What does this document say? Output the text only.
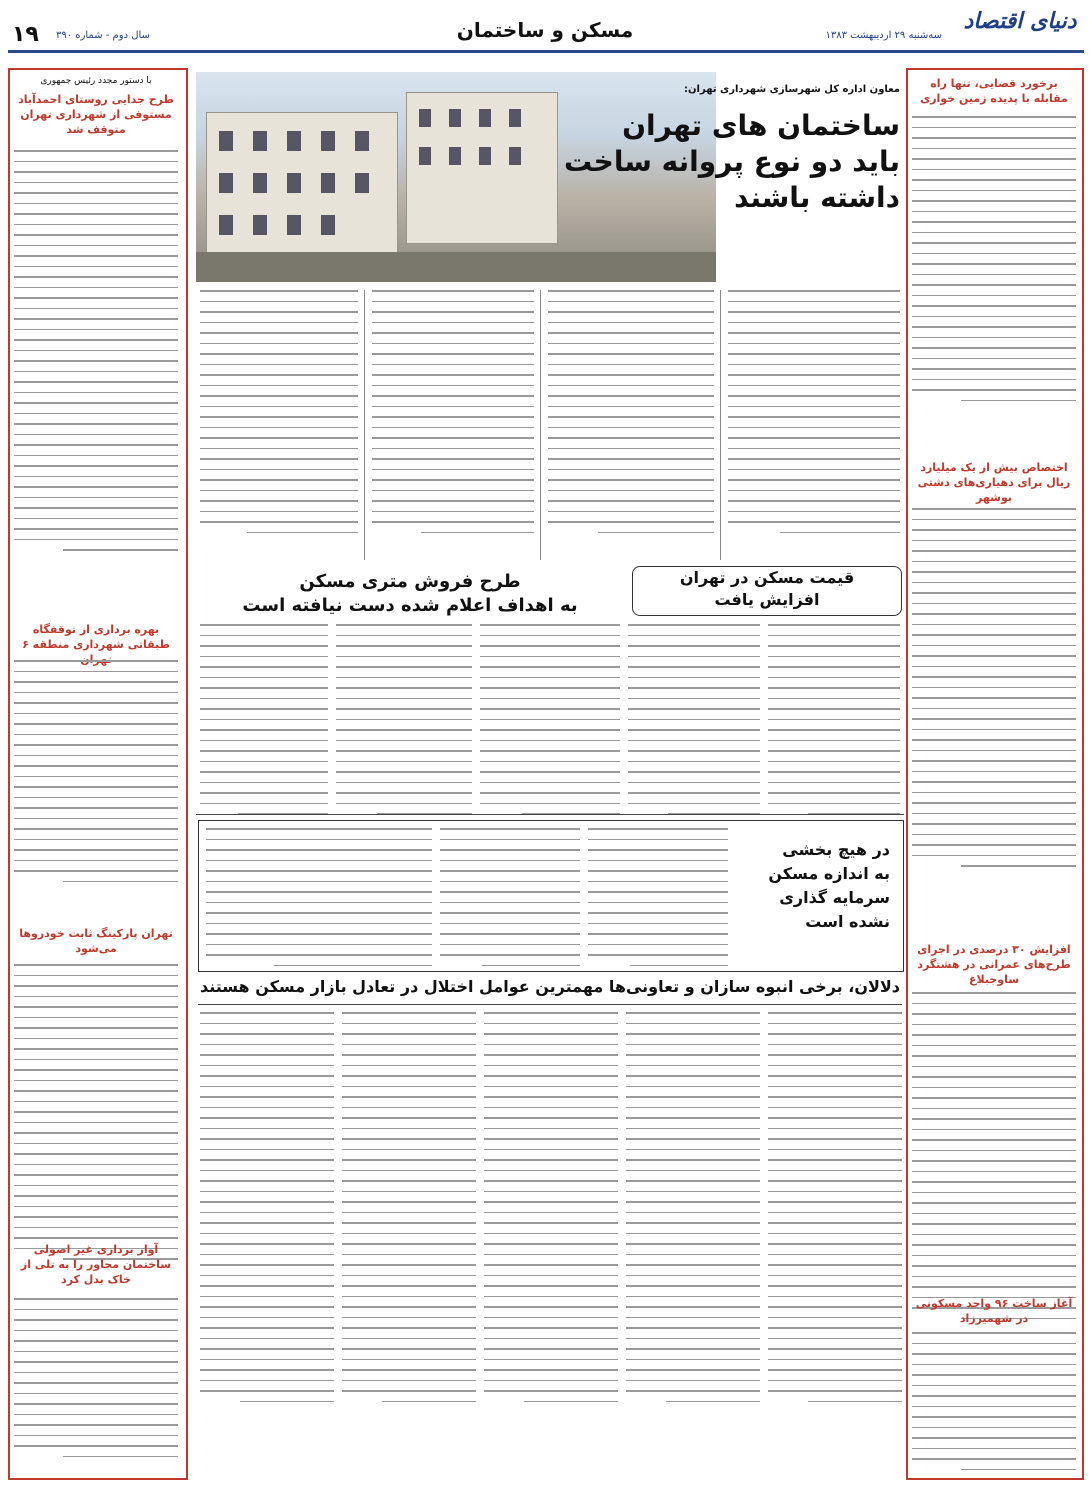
دنیای اقتصاد
سه‌شنبه ۲۹ اردیبهشت ۱۳۸۳
مسکن و ساختمان
سال دوم - شماره ۳۹۰
۱۹
برخورد قضایی، تنها راه مقابله با پدیده زمین خواری
اختصاص بیش از یک میلیارد ریال برای دهیاری‌های دشتی بوشهر
افزایش ۳۰ درصدی در اجرای طرح‌های عمرانی در هشتگرد ساوجبلاغ
آغاز ساخت ۹۶ واحد مسکونی در شهمیرزاد
با دستور مجدد رئیس جمهوری
طرح جدایی روستای احمدآباد مستوفی از شهرداری تهران متوقف شد
بهره برداری از توقفگاه طبقاتی شهرداری منطقه ۶
تهران پارکینگ ثابت خودروها می‌شود
آوار برداری غیر اصولی ساختمان مجاور را به تلی از خاک بدل کرد
معاون اداره کل شهرسازی شهرداری تهران:
ساختمان های تهران
باید دو نوع پروانه ساخت
داشته باشند
قیمت مسکن در تهران
افزایش یافت
طرح فروش متری مسکن
به اهداف اعلام شده دست نیافته است
در هیچ بخشی
به اندازه مسکن
سرمایه گذاری
نشده است
دلالان، برخی انبوه سازان و تعاونی‌ها مهمترین عوامل اختلال در تعادل بازار مسکن هستند
